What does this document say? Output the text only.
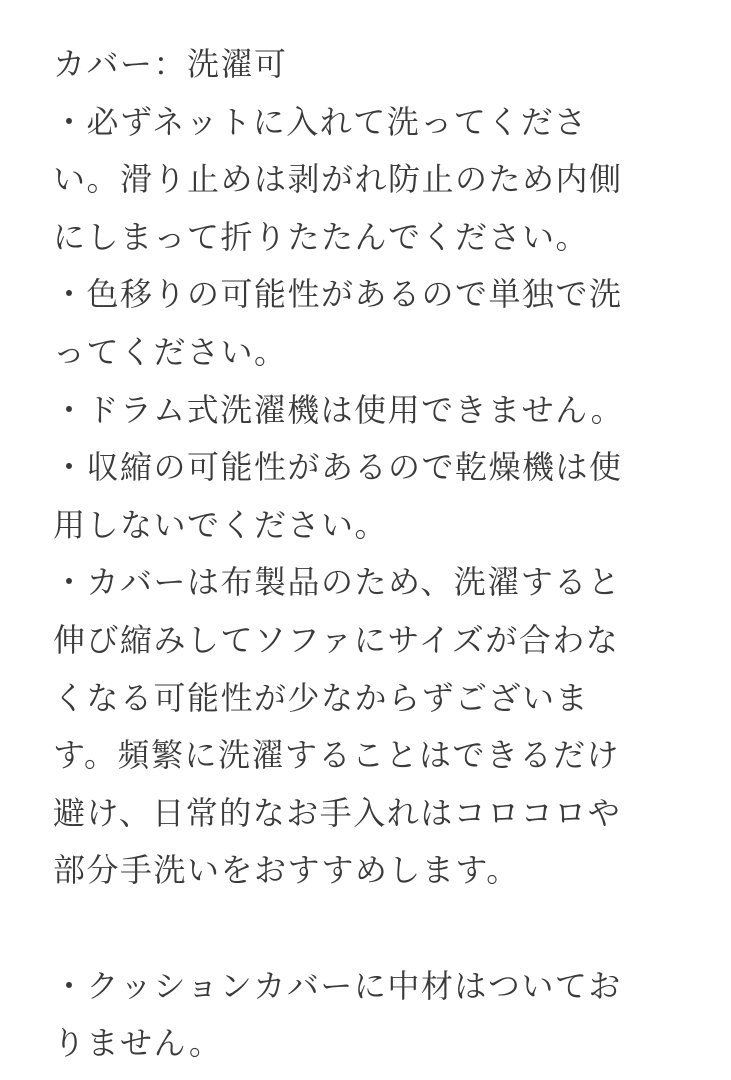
カバー：洗濯可
・必ずネットに入れて洗ってくださ
い。滑り止めは剥がれ防止のため内側
にしまって折りたたんでください。
・色移りの可能性があるので単独で洗
ってください。
・ドラム式洗濯機は使用できません。
・収縮の可能性があるので乾燥機は使
用しないでください。
・カバーは布製品のため、洗濯すると
伸び縮みしてソファにサイズが合わな
くなる可能性が少なからずございま
す。頻繁に洗濯することはできるだけ
避け、日常的なお手入れはコロコロや
部分手洗いをおすすめします。
・クッションカバーに中材はついてお
りません。
